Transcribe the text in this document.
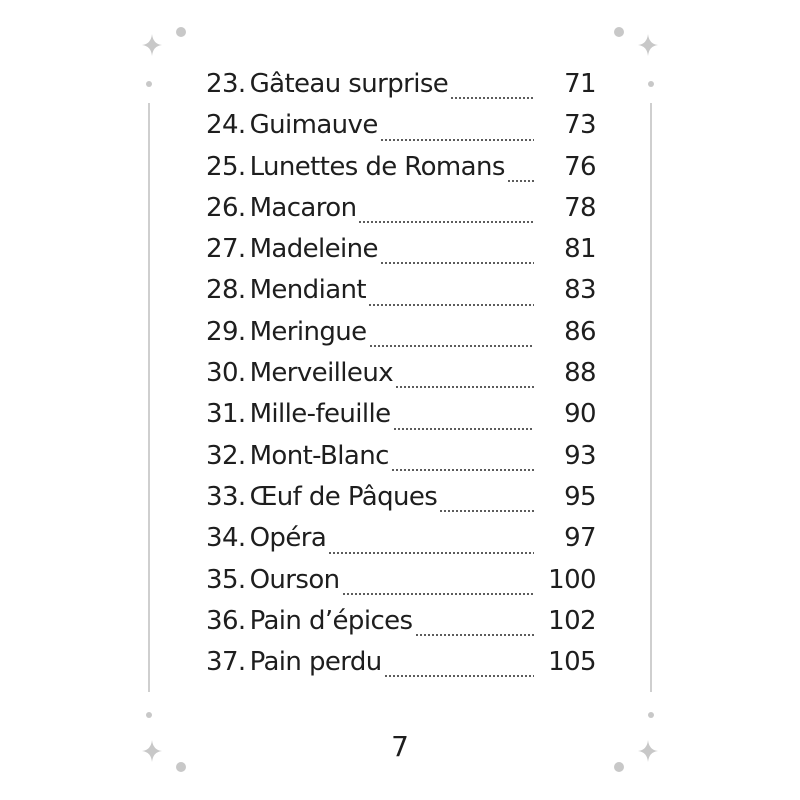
23. Gâteau surprise	71
24. Guimauve	73
25. Lunettes de Romans	76
26. Macaron	78
27. Madeleine	81
28. Mendiant	83
29. Meringue	86
30. Merveilleux	88
31. Mille-feuille	90
32. Mont-Blanc	93
33. Œuf de Pâques	95
34. Opéra	97
35. Ourson	100
36. Pain d’épices	102
37. Pain perdu	105
7
